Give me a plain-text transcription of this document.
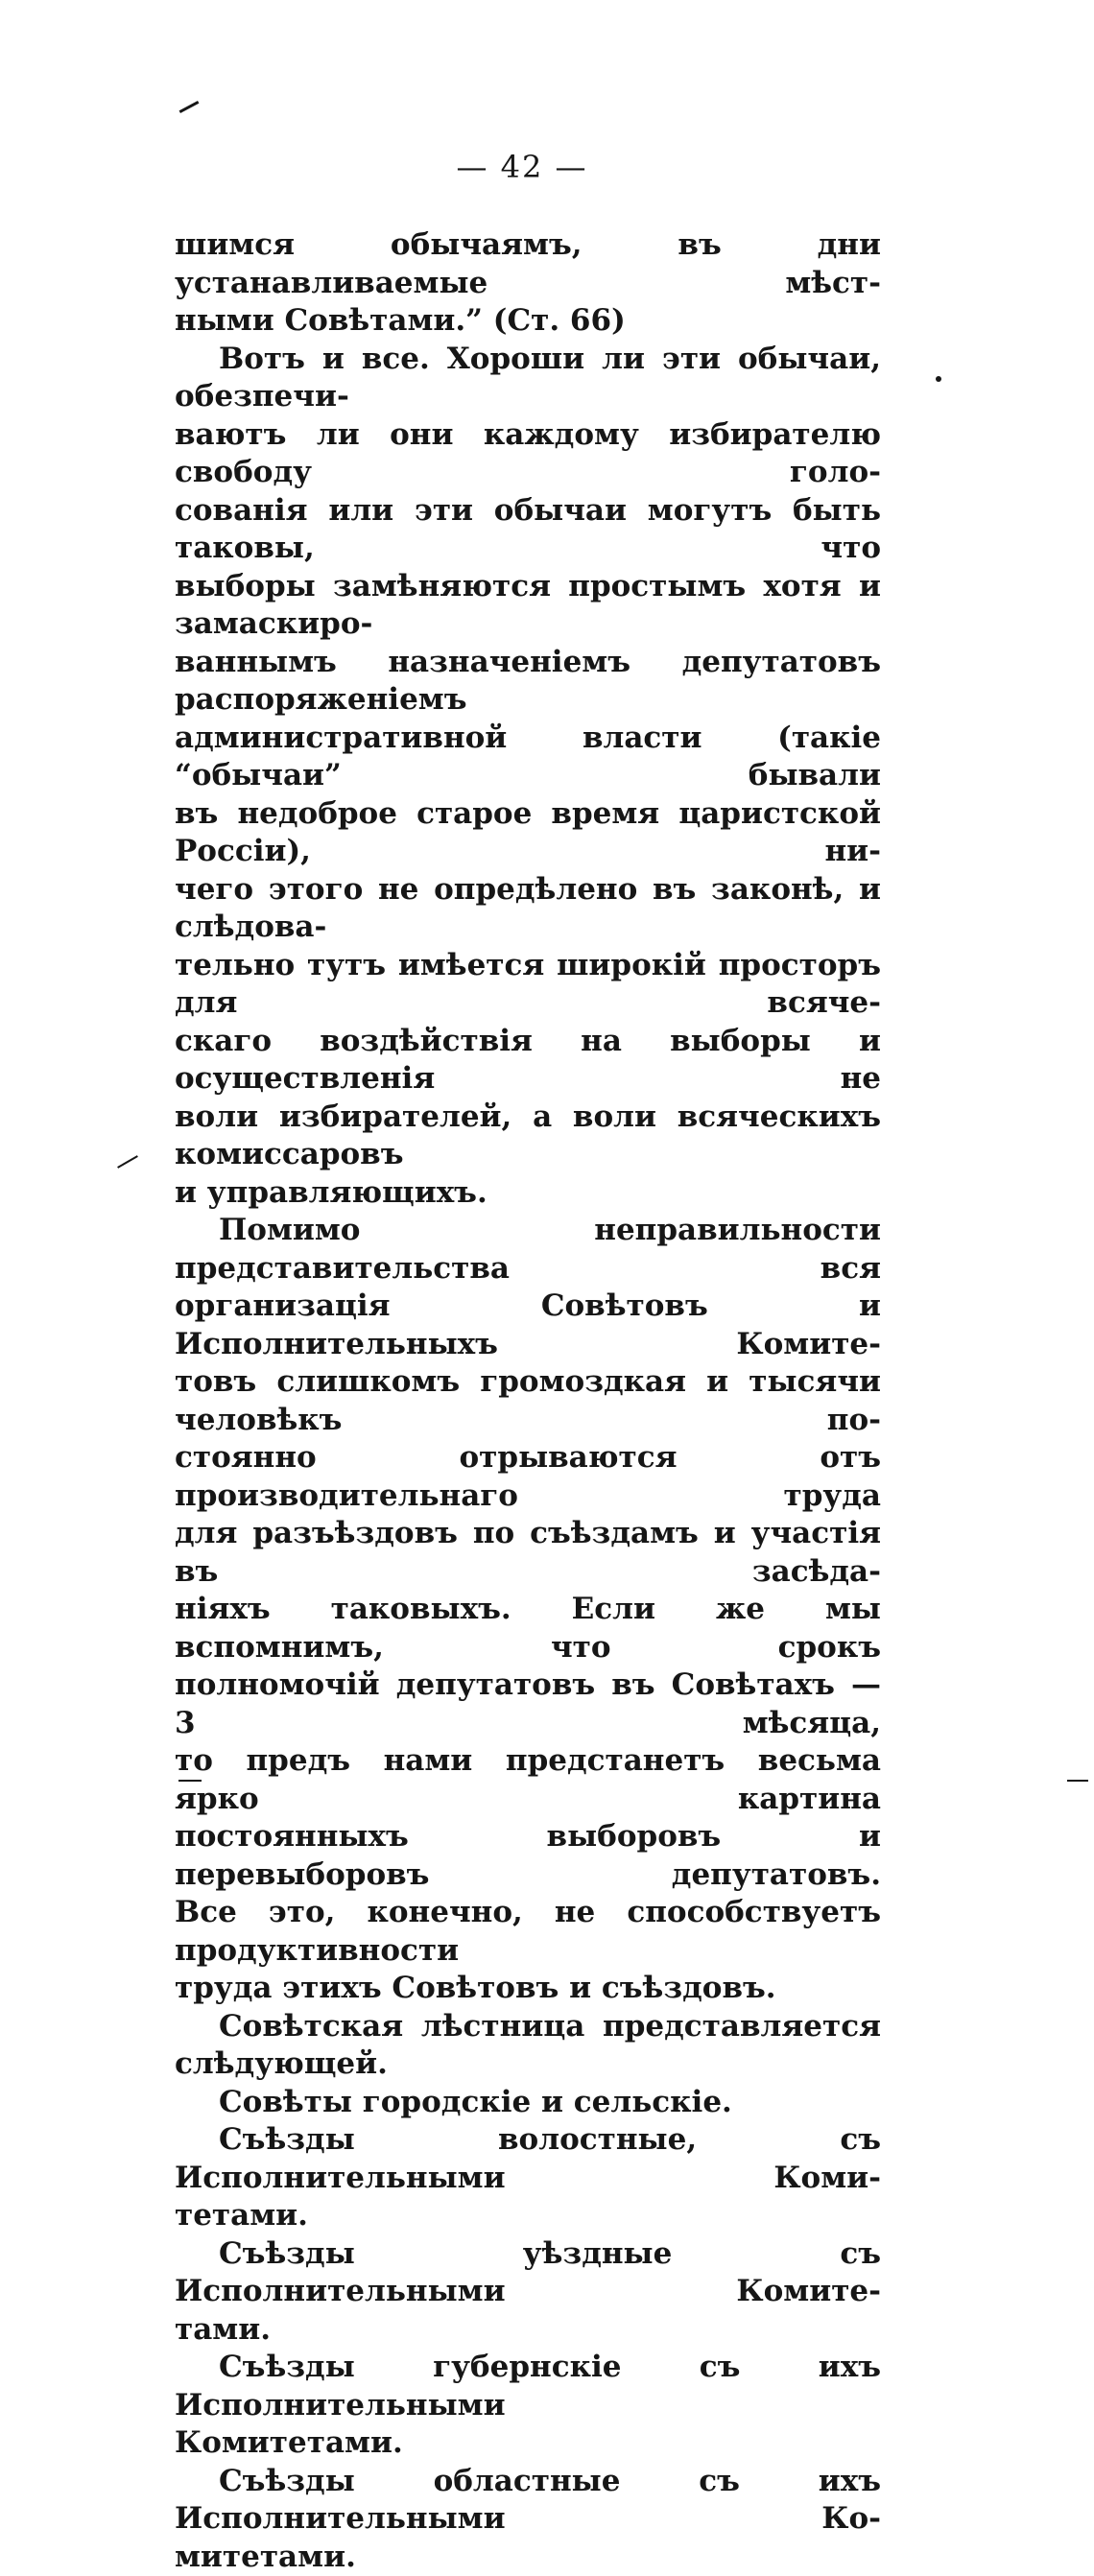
— 42 —

шимся обычаямъ, въ дни устанавливаемые мѣст-
ными Совѣтами.” (Ст. 66)

Вотъ и все. Хороши ли эти обычаи, обезпечи-
ваютъ ли они каждому избирателю свободу голо-
сованія или эти обычаи могутъ быть таковы, что
выборы замѣняются простымъ хотя и замаскиро-
ваннымъ назначеніемъ депутатовъ распоряженіемъ
административной власти (такіе “обычаи” бывали
въ недоброе старое время царистской Россіи), ни-
чего этого не опредѣлено въ законѣ, и слѣдова-
тельно тутъ имѣется широкій просторъ для всяче-
скаго воздѣйствія на выборы и осуществленія не
воли избирателей, а воли всяческихъ комиссаровъ
и управляющихъ.

Помимо неправильности представительства вся
организація Совѣтовъ и Исполнительныхъ Комите-
товъ слишкомъ громоздкая и тысячи человѣкъ по-
стоянно отрываются отъ производительнаго труда
для разъѣздовъ по съѣздамъ и участія въ засѣда-
ніяхъ таковыхъ. Если же мы вспомнимъ, что срокъ
полномочій депутатовъ въ Совѣтахъ — 3 мѣсяца,
то предъ нами предстанетъ весьма ярко картина
постоянныхъ выборовъ и перевыборовъ депутатовъ.
Все это, конечно, не способствуетъ продуктивности
труда этихъ Совѣтовъ и съѣздовъ.

Совѣтская лѣстница представляется слѣдующей.

Совѣты городскіе и сельскіе.

Съѣзды волостные, съ Исполнительными Коми-
тетами.

Съѣзды уѣздные съ Исполнительными Комите-
тами.

Съѣзды губернскіе съ ихъ Исполнительными
Комитетами.

Съѣзды областные съ ихъ Исполнительными Ко-
митетами.
